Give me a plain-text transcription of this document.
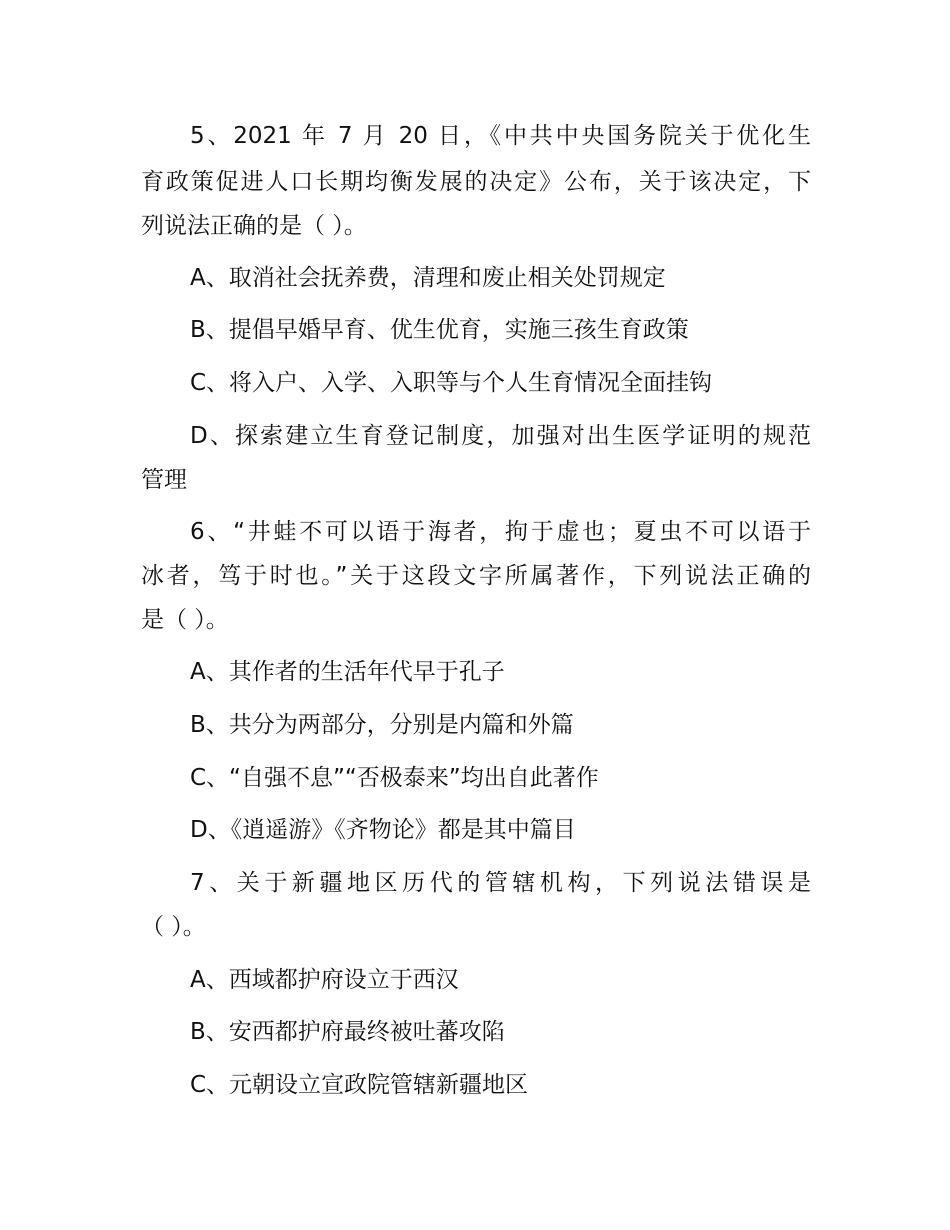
5、2021 年 7 月 20 日，《中共中央国务院关于优化生
育政策促进人口长期均衡发展的决定》公布，关于该决定，下
列说法正确的是（ ）。
A、取消社会抚养费，清理和废止相关处罚规定
B、提倡早婚早育、优生优育，实施三孩生育政策
C、将入户、入学、入职等与个人生育情况全面挂钩
D、探索建立生育登记制度，加强对出生医学证明的规范
管理
6、“井蛙不可以语于海者，拘于虚也；夏虫不可以语于
冰者，笃于时也。”关于这段文字所属著作，下列说法正确的
是（ ）。
A、其作者的生活年代早于孔子
B、共分为两部分，分别是内篇和外篇
C、“自强不息”“否极泰来”均出自此著作
D、《逍遥游》《齐物论》都是其中篇目
7、关于新疆地区历代的管辖机构，下列说法错误是
（ ）。
A、西域都护府设立于西汉
B、安西都护府最终被吐蕃攻陷
C、元朝设立宣政院管辖新疆地区
